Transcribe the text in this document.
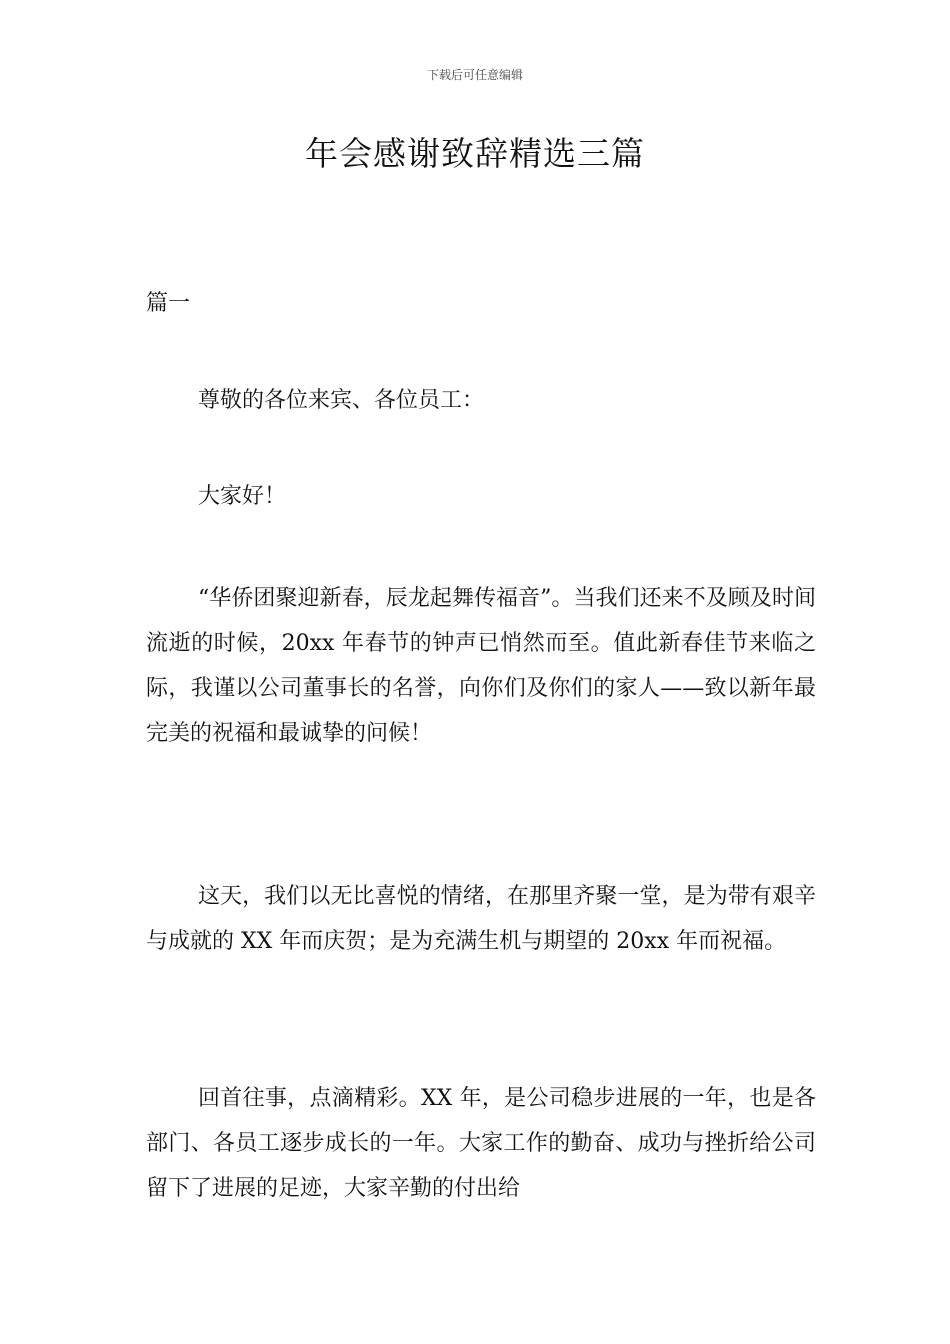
下载后可任意编辑
年会感谢致辞精选三篇
篇一

尊敬的各位来宾、各位员工：

大家好！

“华侨团聚迎新春，辰龙起舞传福音”。当我们还来不及顾及时间流逝的时候，20xx 年春节的钟声已悄然而至。值此新春佳节来临之际，我谨以公司董事长的名誉，向你们及你们的家人——致以新年最完美的祝福和最诚挚的问候！

这天，我们以无比喜悦的情绪，在那里齐聚一堂，是为带有艰辛与成就的 XX 年而庆贺；是为充满生机与期望的 20xx 年而祝福。

回首往事，点滴精彩。XX 年，是公司稳步进展的一年，也是各部门、各员工逐步成长的一年。大家工作的勤奋、成功与挫折给公司留下了进展的足迹，大家辛勤的付出给
